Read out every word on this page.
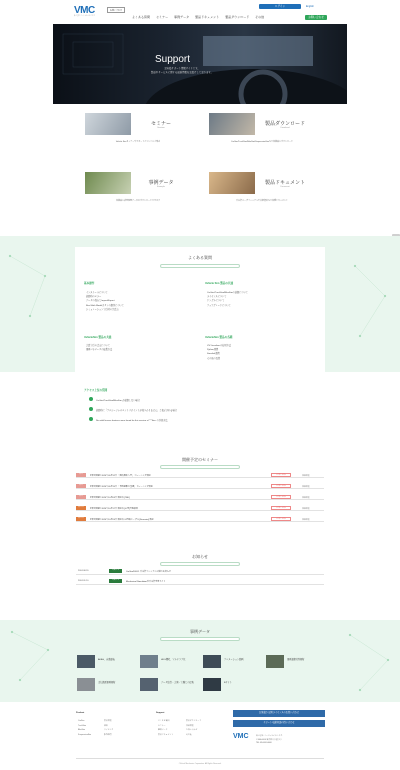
VMC
株式会社バーチャルメカニクス
お問い合わせ
よくある質問 セミナー 事例データ 製品ドキュメント 製品ダウンロード その他
ログイン	English
お問い合わせ
Support
お客様サポート情報サイトです。
製品やサービスに関する最新情報をお届けしております。
セミナー
Seminar
Vehicle Simセミナーやサポートイベントのご案内
製品ダウンロード
Download
CarSim/TruckSim/BikeSim/SuspensionSimなど各製品のダウンロード
事例データ
Example
各製品の活用事例データをダウンロードできます
製品ドキュメント
Document
日本語ユーザマニュアルや技術資料など各種ドキュメント
よくある質問
基本操作
インストールについて
起動時のエラー
データの保存とImport/Export
Run Math Modelボタンの動作について
シミュレーション実行時の注意点
VehicleSim 製品の共通
計算実行の設定について
車両パラメータの編集方法
Vehicle Sim 製品の共通
CarSim/TruckSim/BikeSimの起動について
ライセンスについて
ドングルについて
アップグレードについて
VehicleSim 製品の各種
VS Visualizerの使用方法
Python連携
Simulink連携
その他の質問
アクセス上位の質問
CarSim/TruckSim/BikeSim が起動しない場合
起動時に「プロシージャのエントリポイントが見つかりません」と表示される場合
No valid license features were found for this version of ***Sim. の対処方法
開催予定のセミナー
受付
【東京開催】2024年09月12日 「動的解析入門」トレーニング講座	お申し込み	詳細情報
受付
【東京開催】2024年09月19日 「車両運動の基礎」トレーニング講座	お申し込み	詳細情報
受付
【東京開催】2024年10月03日 講座名 [TBD]	お申し込み	詳細情報
受付中
【東京開催】2024年10月17日 講座名 [応用]実践演習	お申し込み	詳細情報
受付中
【東京開催】2024年10月24日 講座名 応用編ユーザ向 [Scenario] 講座	お申し込み	詳細情報
お知らせ
2024.08.20	お知らせ
CarSim2024.1 日本語マニュアル公開のお知らせ
2024.01.10	お知らせ
Mechanical Simulation社日本語専用サイト
事例データ
ADAS、自動運転	HILS環境、マルチコア化	アニメーション動画	車両運動特性解析
走行路面車両解析	データ取得・計測・実験との比較	Bサイト
Product
CarSim
TruckSim
BikeSim
SuspensionSim
製品情報
価格
ライセンス
動作環境
Support
よくある質問
セミナー
事例データ
製品ドキュメント
製品ダウンロード
技術情報
お問い合わせ
その他
お見積り/試用ライセンスのお問い合わせ
サポート/技術相談の問い合わせ
VMC	株式会社バーチャルメカニクス
〒000-0000 東京都〇〇区〇〇
TEL 03-0000-0000
©Virtual Mechanics Corporation. All Rights Reserved.
